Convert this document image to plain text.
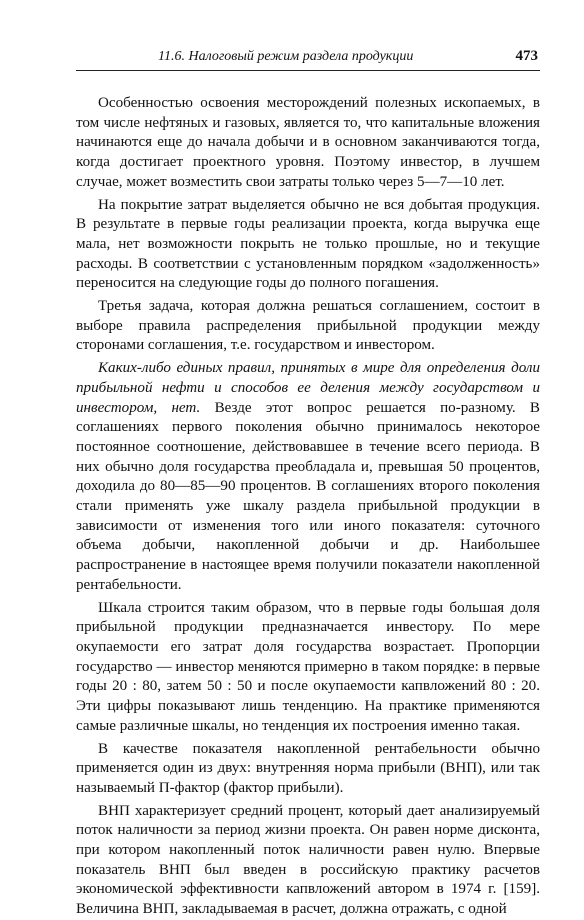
11.6. Налоговый режим раздела продукции	473

Особенностью освоения месторождений полезных ископаемых, в том числе нефтяных и газовых, является то, что капитальные вложения начинаются еще до начала добычи и в основном заканчиваются тогда, когда достигает проектного уровня. Поэтому инвестор, в лучшем случае, может возместить свои затраты только через 5—7—10 лет.

На покрытие затрат выделяется обычно не вся добытая продукция. В результате в первые годы реализации проекта, когда выручка еще мала, нет возможности покрыть не только прошлые, но и текущие расходы. В соответствии с установленным порядком «задолженность» переносится на следующие годы до полного погашения.

Третья задача, которая должна решаться соглашением, состоит в выборе правила распределения прибыльной продукции между сторонами соглашения, т.е. государством и инвестором.

Каких-либо единых правил, принятых в мире для определения доли прибыльной нефти и способов ее деления между государством и инвестором, нет. Везде этот вопрос решается по-разному. В соглашениях первого поколения обычно принималось некоторое постоянное соотношение, действовавшее в течение всего периода. В них обычно доля государства преобладала и, превышая 50 процентов, доходила до 80—85—90 процентов. В соглашениях второго поколения стали применять уже шкалу раздела прибыльной продукции в зависимости от изменения того или иного показателя: суточного объема добычи, накопленной добычи и др. Наибольшее распространение в настоящее время получили показатели накопленной рентабельности.

Шкала строится таким образом, что в первые годы большая доля прибыльной продукции предназначается инвестору. По мере окупаемости его затрат доля государства возрастает. Пропорции государство — инвестор меняются примерно в таком порядке: в первые годы 20 : 80, затем 50 : 50 и после окупаемости капвложений 80 : 20. Эти цифры показывают лишь тенденцию. На практике применяются самые различные шкалы, но тенденция их построения именно такая.

В качестве показателя накопленной рентабельности обычно применяется один из двух: внутренняя норма прибыли (ВНП), или так называемый П-фактор (фактор прибыли).

ВНП характеризует средний процент, который дает анализируемый поток наличности за период жизни проекта. Он равен норме дисконта, при котором накопленный поток наличности равен нулю. Впервые показатель ВНП был введен в российскую практику расчетов экономической эффективности капвложений автором в 1974 г. [159]. Величина ВНП, закладываемая в расчет, должна отражать, с одной
